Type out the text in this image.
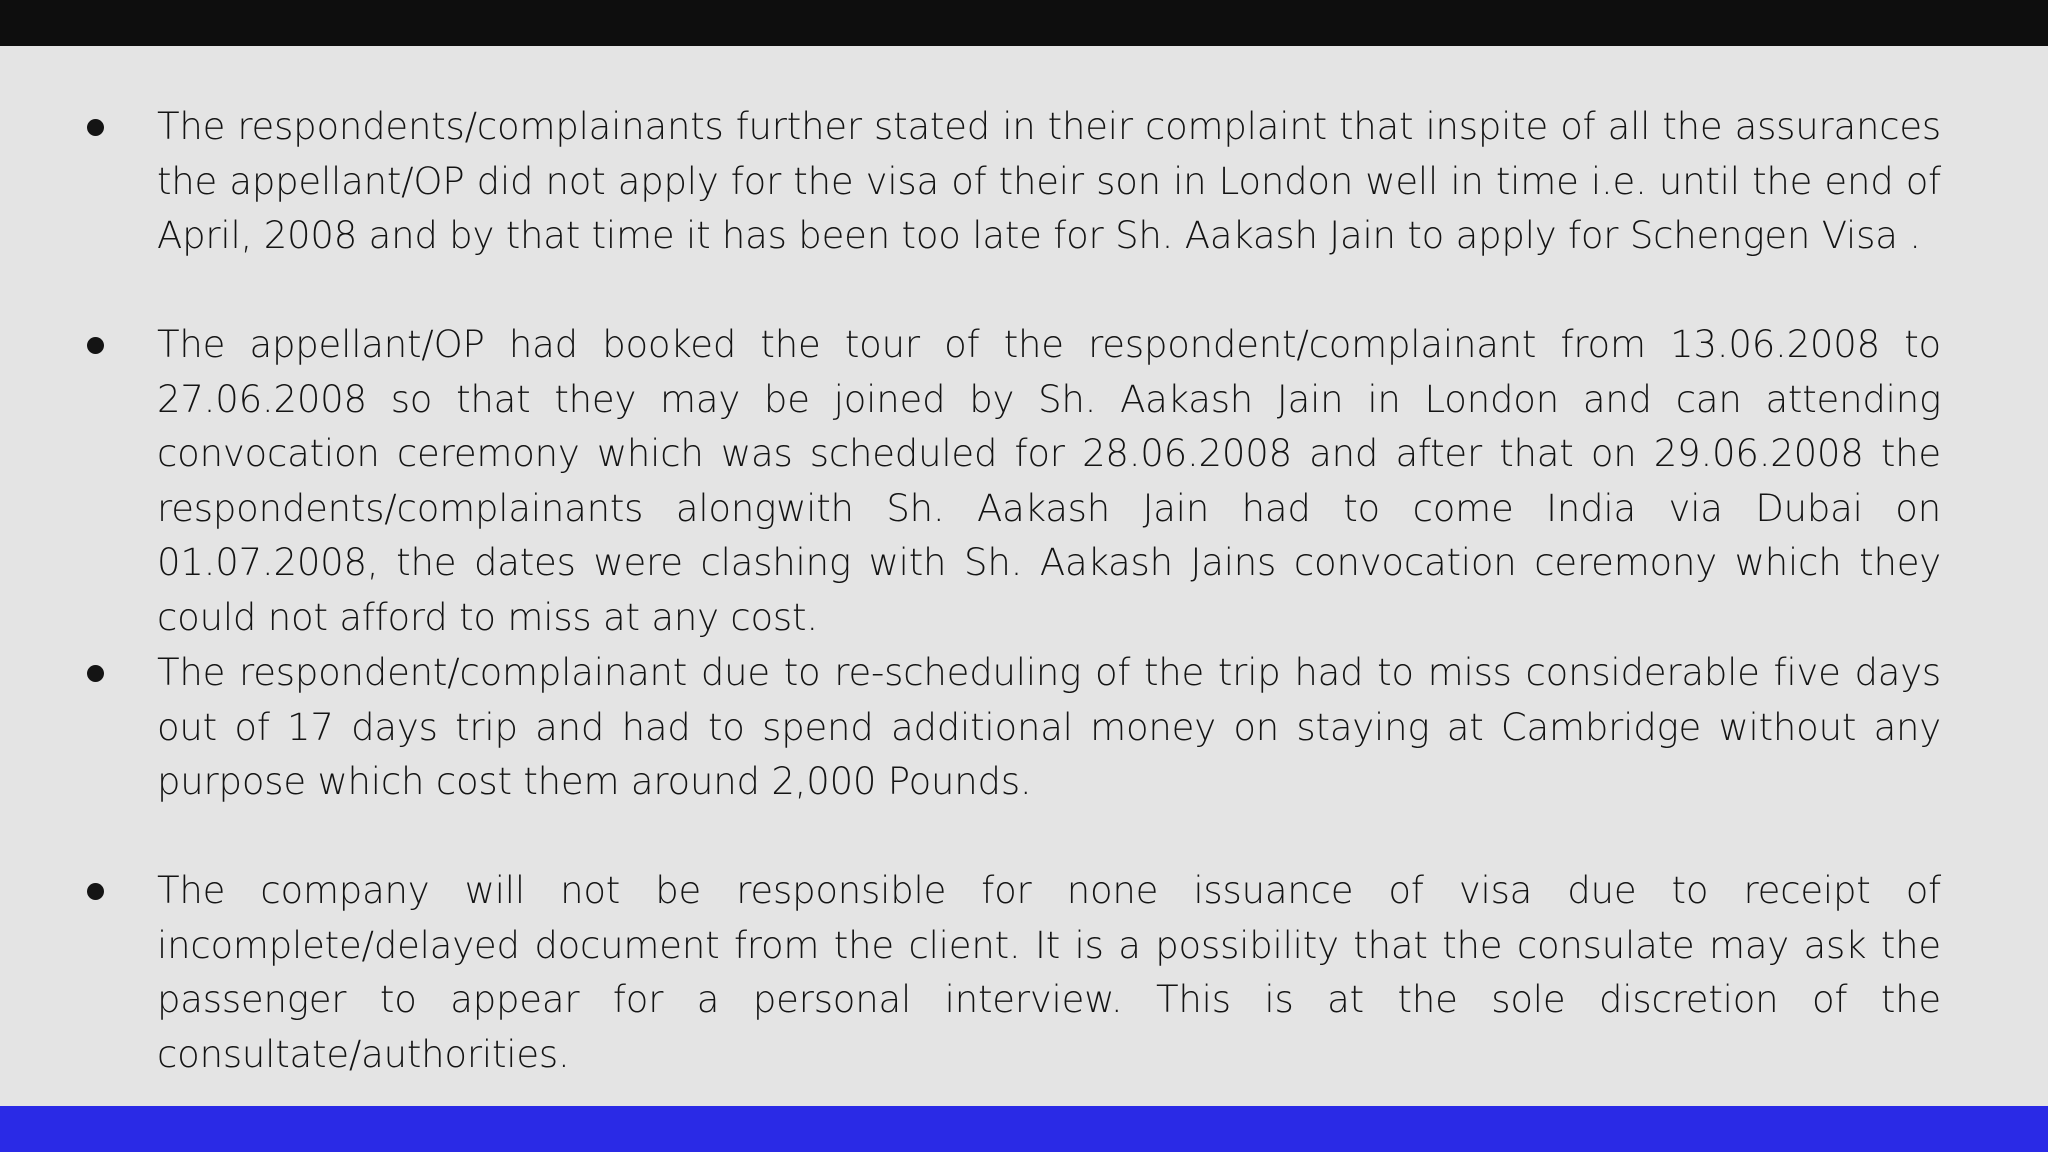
The respondents/complainants further stated in their complaint that inspite of all the assurances the appellant/OP did not apply for the visa of their son in London well in time i.e. until the end of April, 2008 and by that time it has been too late for Sh. Aakash Jain to apply for Schengen Visa .
The appellant/OP had booked the tour of the respondent/complainant from 13.06.2008 to 27.06.2008 so that they may be joined by Sh. Aakash Jain in London and can attending convocation ceremony which was scheduled for 28.06.2008 and after that on 29.06.2008 the respondents/complainants alongwith Sh. Aakash Jain had to come India via Dubai on 01.07.2008, the dates were clashing with Sh. Aakash Jains convocation ceremony which they could not afford to miss at any cost.
The respondent/complainant due to re-scheduling of the trip had to miss considerable five days out of 17 days trip and had to spend additional money on staying at Cambridge without any purpose which cost them around 2,000 Pounds.
The company will not be responsible for none issuance of visa due to receipt of incomplete/delayed document from the client. It is a possibility that the consulate may ask the passenger to appear for a personal interview. This is at the sole discretion of the consultate/authorities.
